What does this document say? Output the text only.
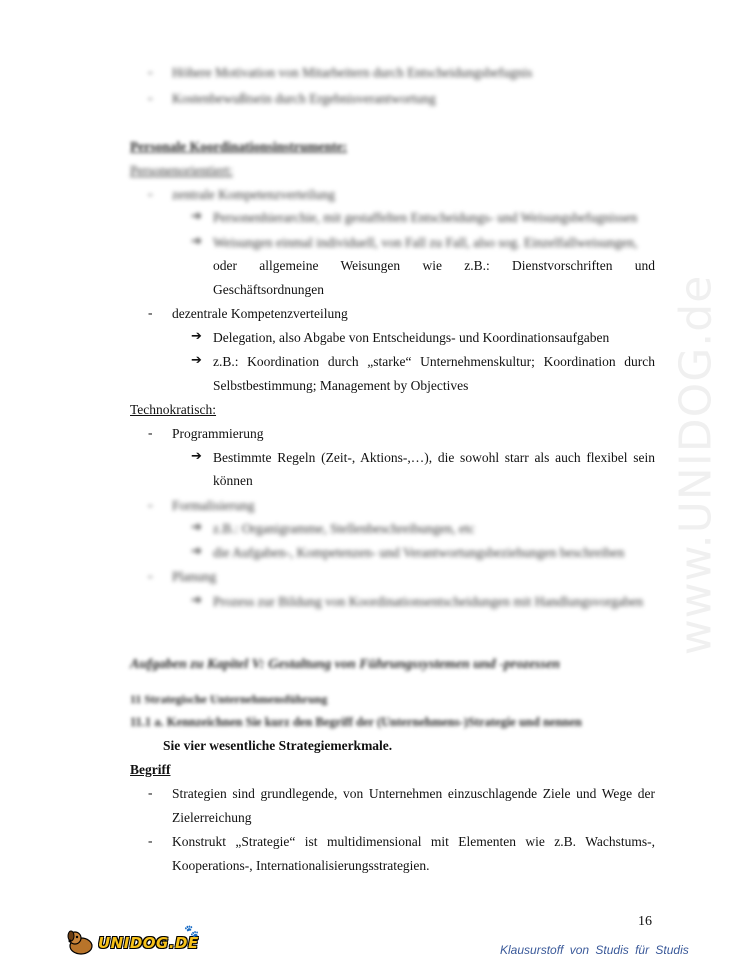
www.UNIDOG.de
- Höhere Motivation von Mitarbeitern durch Entscheidungsbefugnis
- Kostenbewußtsein durch Ergebnisverantwortung
Personale Koordinationsinstrumente:
Personenorientiert:
- zentrale Kompetenzverteilung
➔ Personenhierarchie, mit gestaffelten Entscheidungs- und Weisungsbefugnissen
➔ Weisungen einmal individuell, von Fall zu Fall, also sog. Einzelfallweisungen,
oder allgemeine Weisungen wie z.B.: Dienstvorschriften und
Geschäftsordnungen
- dezentrale Kompetenzverteilung
➔ Delegation, also Abgabe von Entscheidungs- und Koordinationsaufgaben
➔ z.B.: Koordination durch „starke“ Unternehmenskultur; Koordination durch
Selbstbestimmung; Management by Objectives
Technokratisch:
- Programmierung
➔ Bestimmte Regeln (Zeit-, Aktions-,…), die sowohl starr als auch flexibel sein
können
- Formalisierung
➔ z.B.: Organigramme, Stellenbeschreibungen, etc
➔ die Aufgaben-, Kompetenzen- und Verantwortungsbeziehungen beschreiben
- Planung
➔ Prozess zur Bildung von Koordinationsentscheidungen mit Handlungsvorgaben
Aufgaben zu Kapitel V: Gestaltung von Führungssystemen und -prozessen
11 Strategische Unternehmensführung
11.1 a. Kennzeichnen Sie kurz den Begriff der (Unternehmens-)Strategie und nennen
Sie vier wesentliche Strategiemerkmale.
Begriff
- Strategien sind grundlegende, von Unternehmen einzuschlagende Ziele und Wege der
Zielerreichung
- Konstrukt „Strategie“ ist multidimensional mit Elementen wie z.B. Wachstums-,
Kooperations-, Internationalisierungsstrategien.
16
UNIDOG.DE
🐾
Klausurstoff von Studis für Studis
